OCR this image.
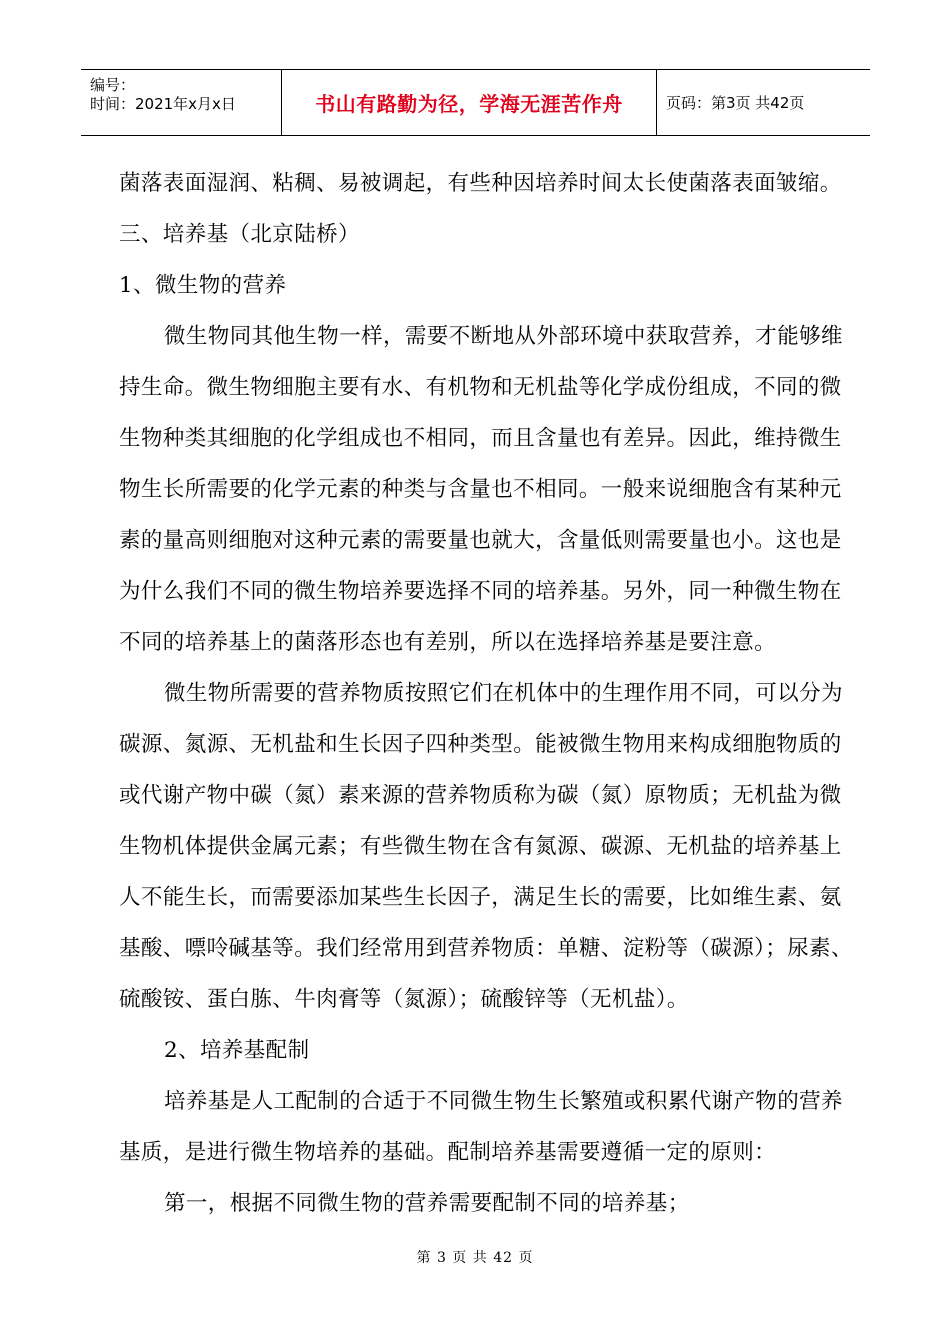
编号：
时间：2021年x月x日	书山有路勤为径，学海无涯苦作舟	页码：第3页 共42页
菌落表面湿润、粘稠、易被调起，有些种因培养时间太长使菌落表面皱缩。
三、培养基（北京陆桥）
1、微生物的营养
微生物同其他生物一样，需要不断地从外部环境中获取营养，才能够维
持生命。微生物细胞主要有水、有机物和无机盐等化学成份组成，不同的微
生物种类其细胞的化学组成也不相同，而且含量也有差异。因此，维持微生
物生长所需要的化学元素的种类与含量也不相同。一般来说细胞含有某种元
素的量高则细胞对这种元素的需要量也就大，含量低则需要量也小。这也是
为什么我们不同的微生物培养要选择不同的培养基。另外，同一种微生物在
不同的培养基上的菌落形态也有差别，所以在选择培养基是要注意。
微生物所需要的营养物质按照它们在机体中的生理作用不同，可以分为
碳源、氮源、无机盐和生长因子四种类型。能被微生物用来构成细胞物质的
或代谢产物中碳（氮）素来源的营养物质称为碳（氮）原物质；无机盐为微
生物机体提供金属元素；有些微生物在含有氮源、碳源、无机盐的培养基上
人不能生长，而需要添加某些生长因子，满足生长的需要，比如维生素、氨
基酸、嘌呤碱基等。我们经常用到营养物质：单糖、淀粉等（碳源）；尿素、
硫酸铵、蛋白胨、牛肉膏等（氮源）；硫酸锌等（无机盐）。
2、培养基配制
培养基是人工配制的合适于不同微生物生长繁殖或积累代谢产物的营养
基质，是进行微生物培养的基础。配制培养基需要遵循一定的原则：
第一，根据不同微生物的营养需要配制不同的培养基；
第 3 页 共 42 页
